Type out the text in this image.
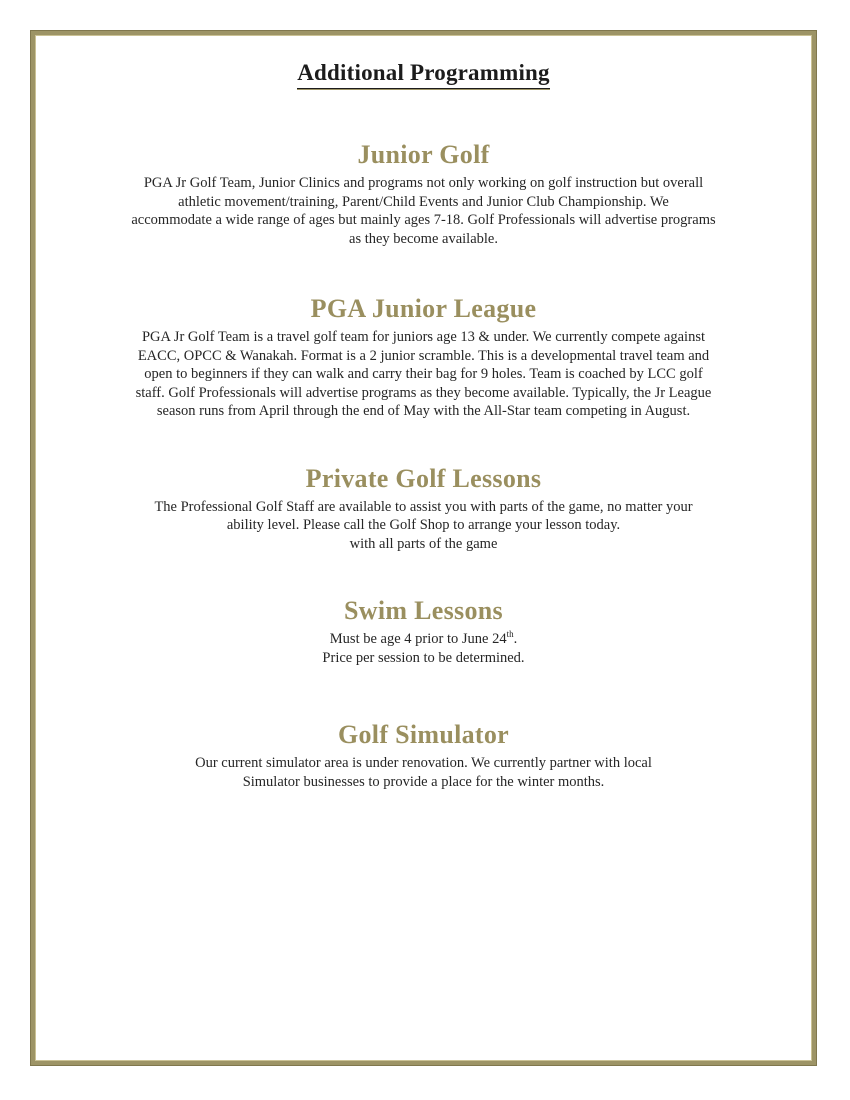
Additional Programming
Junior Golf
PGA Jr Golf Team, Junior Clinics and programs not only working on golf instruction but overall
athletic movement/training, Parent/Child Events and Junior Club Championship. We
accommodate a wide range of ages but mainly ages 7-18. Golf Professionals will advertise programs
as they become available.
PGA Junior League
PGA Jr Golf Team is a travel golf team for juniors age 13 & under. We currently compete against
EACC, OPCC & Wanakah. Format is a 2 junior scramble. This is a developmental travel team and
open to beginners if they can walk and carry their bag for 9 holes. Team is coached by LCC golf
staff. Golf Professionals will advertise programs as they become available. Typically, the Jr League
season runs from April through the end of May with the All-Star team competing in August.
Private Golf Lessons
The Professional Golf Staff are available to assist you with parts of the game, no matter your
ability level. Please call the Golf Shop to arrange your lesson today.
with all parts of the game
Swim Lessons
Must be age 4 prior to June 24th.
Price per session to be determined.
Golf Simulator
Our current simulator area is under renovation. We currently partner with local
Simulator businesses to provide a place for the winter months.
